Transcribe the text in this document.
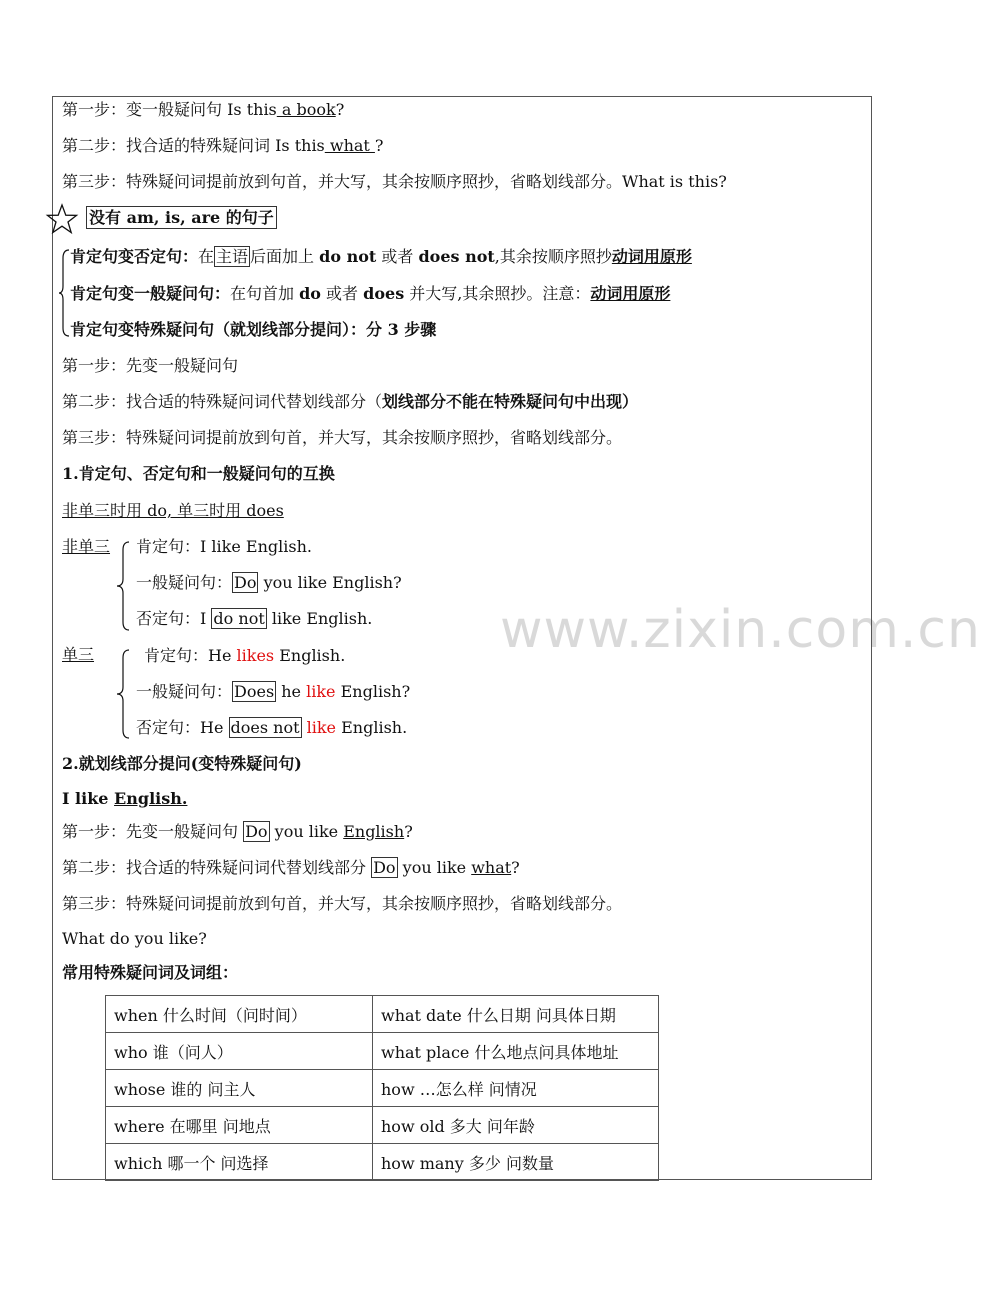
www.zixin.com.cn
第一步：变一般疑问句 Is this a book?
第二步：找合适的特殊疑问词 Is this what ?
第三步：特殊疑问词提前放到句首，并大写，其余按顺序照抄，省略划线部分。What is this?
没有 am, is, are 的句子
肯定句变否定句：在 主语 后面加上 do not 或者 does not,其余按顺序照抄动词用原形
肯定句变一般疑问句：在句首加 do 或者 does 并大写,其余照抄。注意：动词用原形
肯定句变特殊疑问句（就划线部分提问）：分 3 步骤
第一步：先变一般疑问句
第二步：找合适的特殊疑问词代替划线部分（划线部分不能在特殊疑问句中出现）
第三步：特殊疑问词提前放到句首，并大写，其余按顺序照抄，省略划线部分。
1.肯定句、否定句和一般疑问句的互换
非单三时用 do, 单三时用 does
非单三 肯定句：I like English.
一般疑问句： Do you like English?
否定句：I do not like English.
单三	肯定句：He likes English.
一般疑问句： Does he like English?
否定句：He does not like English.
2.就划线部分提问(变特殊疑问句)
I like English.
第一步：先变一般疑问句 Do you like English?
第二步：找合适的特殊疑问词代替划线部分 Do you like what?
第三步：特殊疑问词提前放到句首，并大写，其余按顺序照抄，省略划线部分。
What do you like?
常用特殊疑问词及词组：
when 什么时间（问时间）	what date 什么日期 问具体日期
who 谁（问人）	what place 什么地点问具体地址
whose 谁的 问主人	how …怎么样 问情况
where 在哪里 问地点	how old 多大 问年龄
which 哪一个 问选择	how many 多少 问数量
